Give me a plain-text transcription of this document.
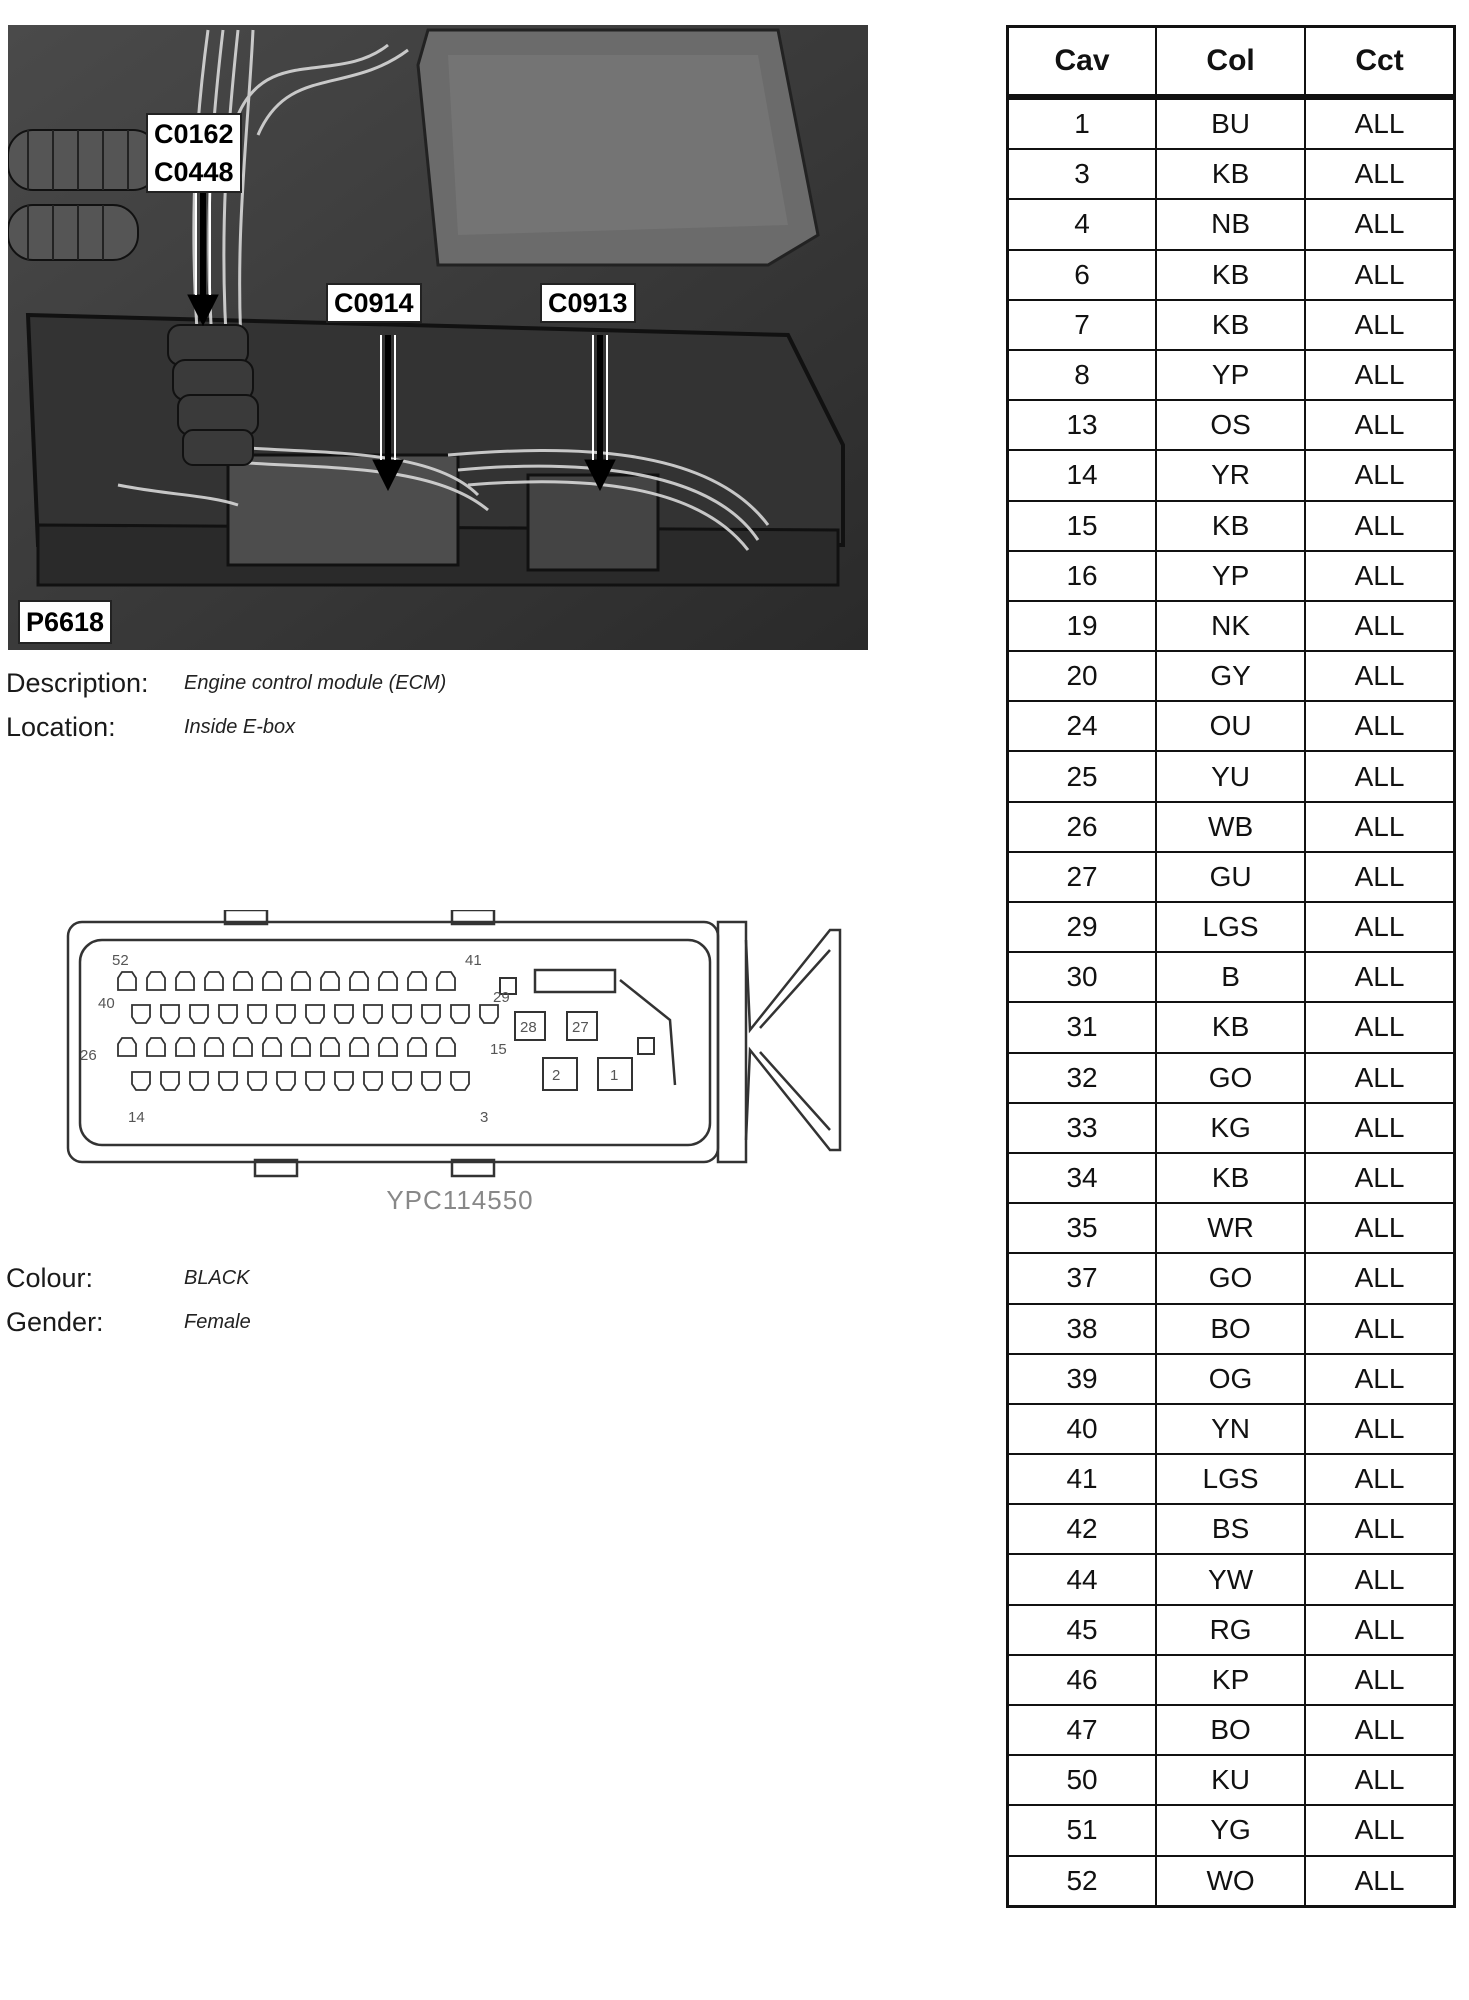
C0162
C0448
C0914	C0913
P6618
Description:	Engine control module (ECM)
Location:	Inside E-box
52	41
40	29
28 27
26	15
2	1
14	3
YPC114550
Colour:	BLACK
Gender:	Female
Cav	Col	Cct
1	BU	ALL
3	KB	ALL
4	NB	ALL
6	KB	ALL
7	KB	ALL
8	YP	ALL
13	OS	ALL
14	YR	ALL
15	KB	ALL
16	YP	ALL
19	NK	ALL
20	GY	ALL
24	OU	ALL
25	YU	ALL
26	WB	ALL
27	GU	ALL
29	LGS	ALL
30	B	ALL
31	KB	ALL
32	GO	ALL
33	KG	ALL
34	KB	ALL
35	WR	ALL
37	GO	ALL
38	BO	ALL
39	OG	ALL
40	YN	ALL
41	LGS	ALL
42	BS	ALL
44	YW	ALL
45	RG	ALL
46	KP	ALL
47	BO	ALL
50	KU	ALL
51	YG	ALL
52	WO	ALL
